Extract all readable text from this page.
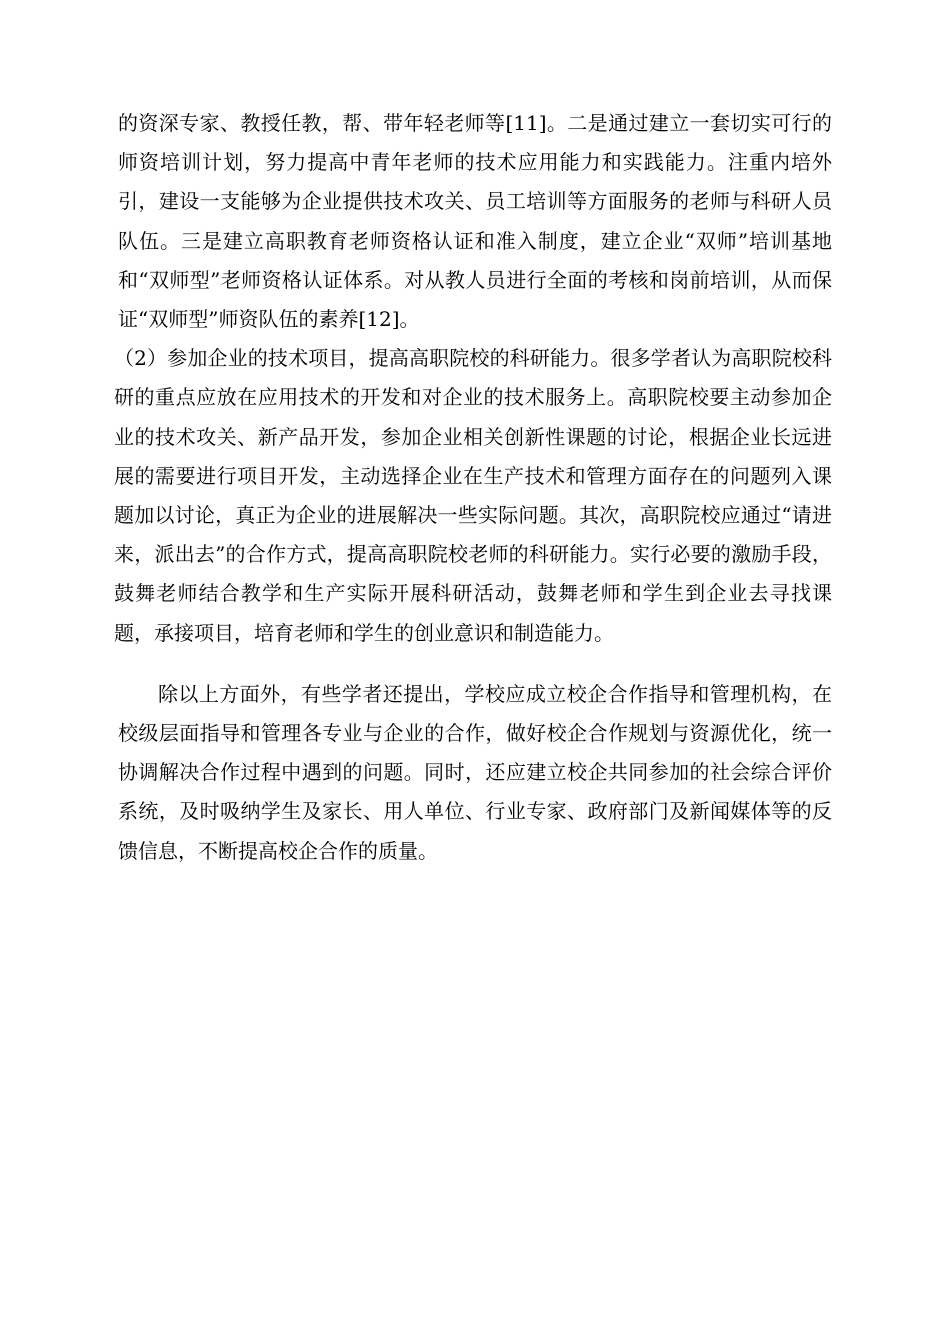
的资深专家、教授任教，帮、带年轻老师等[11]。二是通过建立一套切实可行的师资培训计划，努力提高中青年老师的技术应用能力和实践能力。注重内培外引，建设一支能够为企业提供技术攻关、员工培训等方面服务的老师与科研人员队伍。三是建立高职教育老师资格认证和准入制度，建立企业“双师”培训基地和“双师型”老师资格认证体系。对从教人员进行全面的考核和岗前培训，从而保证“双师型”师资队伍的素养[12]。

（2）参加企业的技术项目，提高高职院校的科研能力。很多学者认为高职院校科研的重点应放在应用技术的开发和对企业的技术服务上。高职院校要主动参加企业的技术攻关、新产品开发，参加企业相关创新性课题的讨论，根据企业长远进展的需要进行项目开发，主动选择企业在生产技术和管理方面存在的问题列入课题加以讨论，真正为企业的进展解决一些实际问题。其次，高职院校应通过“请进来，派出去”的合作方式，提高高职院校老师的科研能力。实行必要的激励手段，鼓舞老师结合教学和生产实际开展科研活动，鼓舞老师和学生到企业去寻找课题，承接项目，培育老师和学生的创业意识和制造能力。

除以上方面外，有些学者还提出，学校应成立校企合作指导和管理机构，在校级层面指导和管理各专业与企业的合作，做好校企合作规划与资源优化，统一协调解决合作过程中遇到的问题。同时，还应建立校企共同参加的社会综合评价系统，及时吸纳学生及家长、用人单位、行业专家、政府部门及新闻媒体等的反馈信息，不断提高校企合作的质量。
